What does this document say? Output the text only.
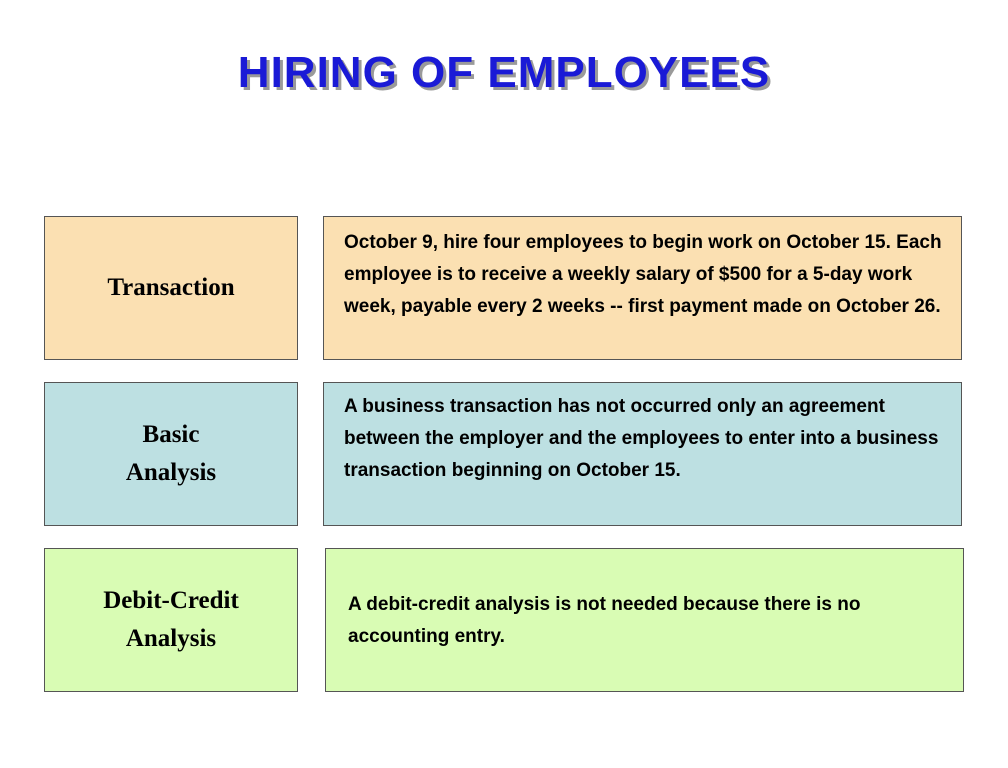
HIRING OF EMPLOYEES
Transaction
October 9, hire four employees to begin work on October 15. Each employee is to receive a weekly salary of $500 for a 5-day work week, payable every 2 weeks -- first payment made on October 26.
Basic
Analysis
A business transaction has not occurred only an agreement between the employer and the employees to enter into a business transaction beginning on October 15.
Debit-Credit
Analysis
A debit-credit analysis is not needed because there is no accounting entry.
